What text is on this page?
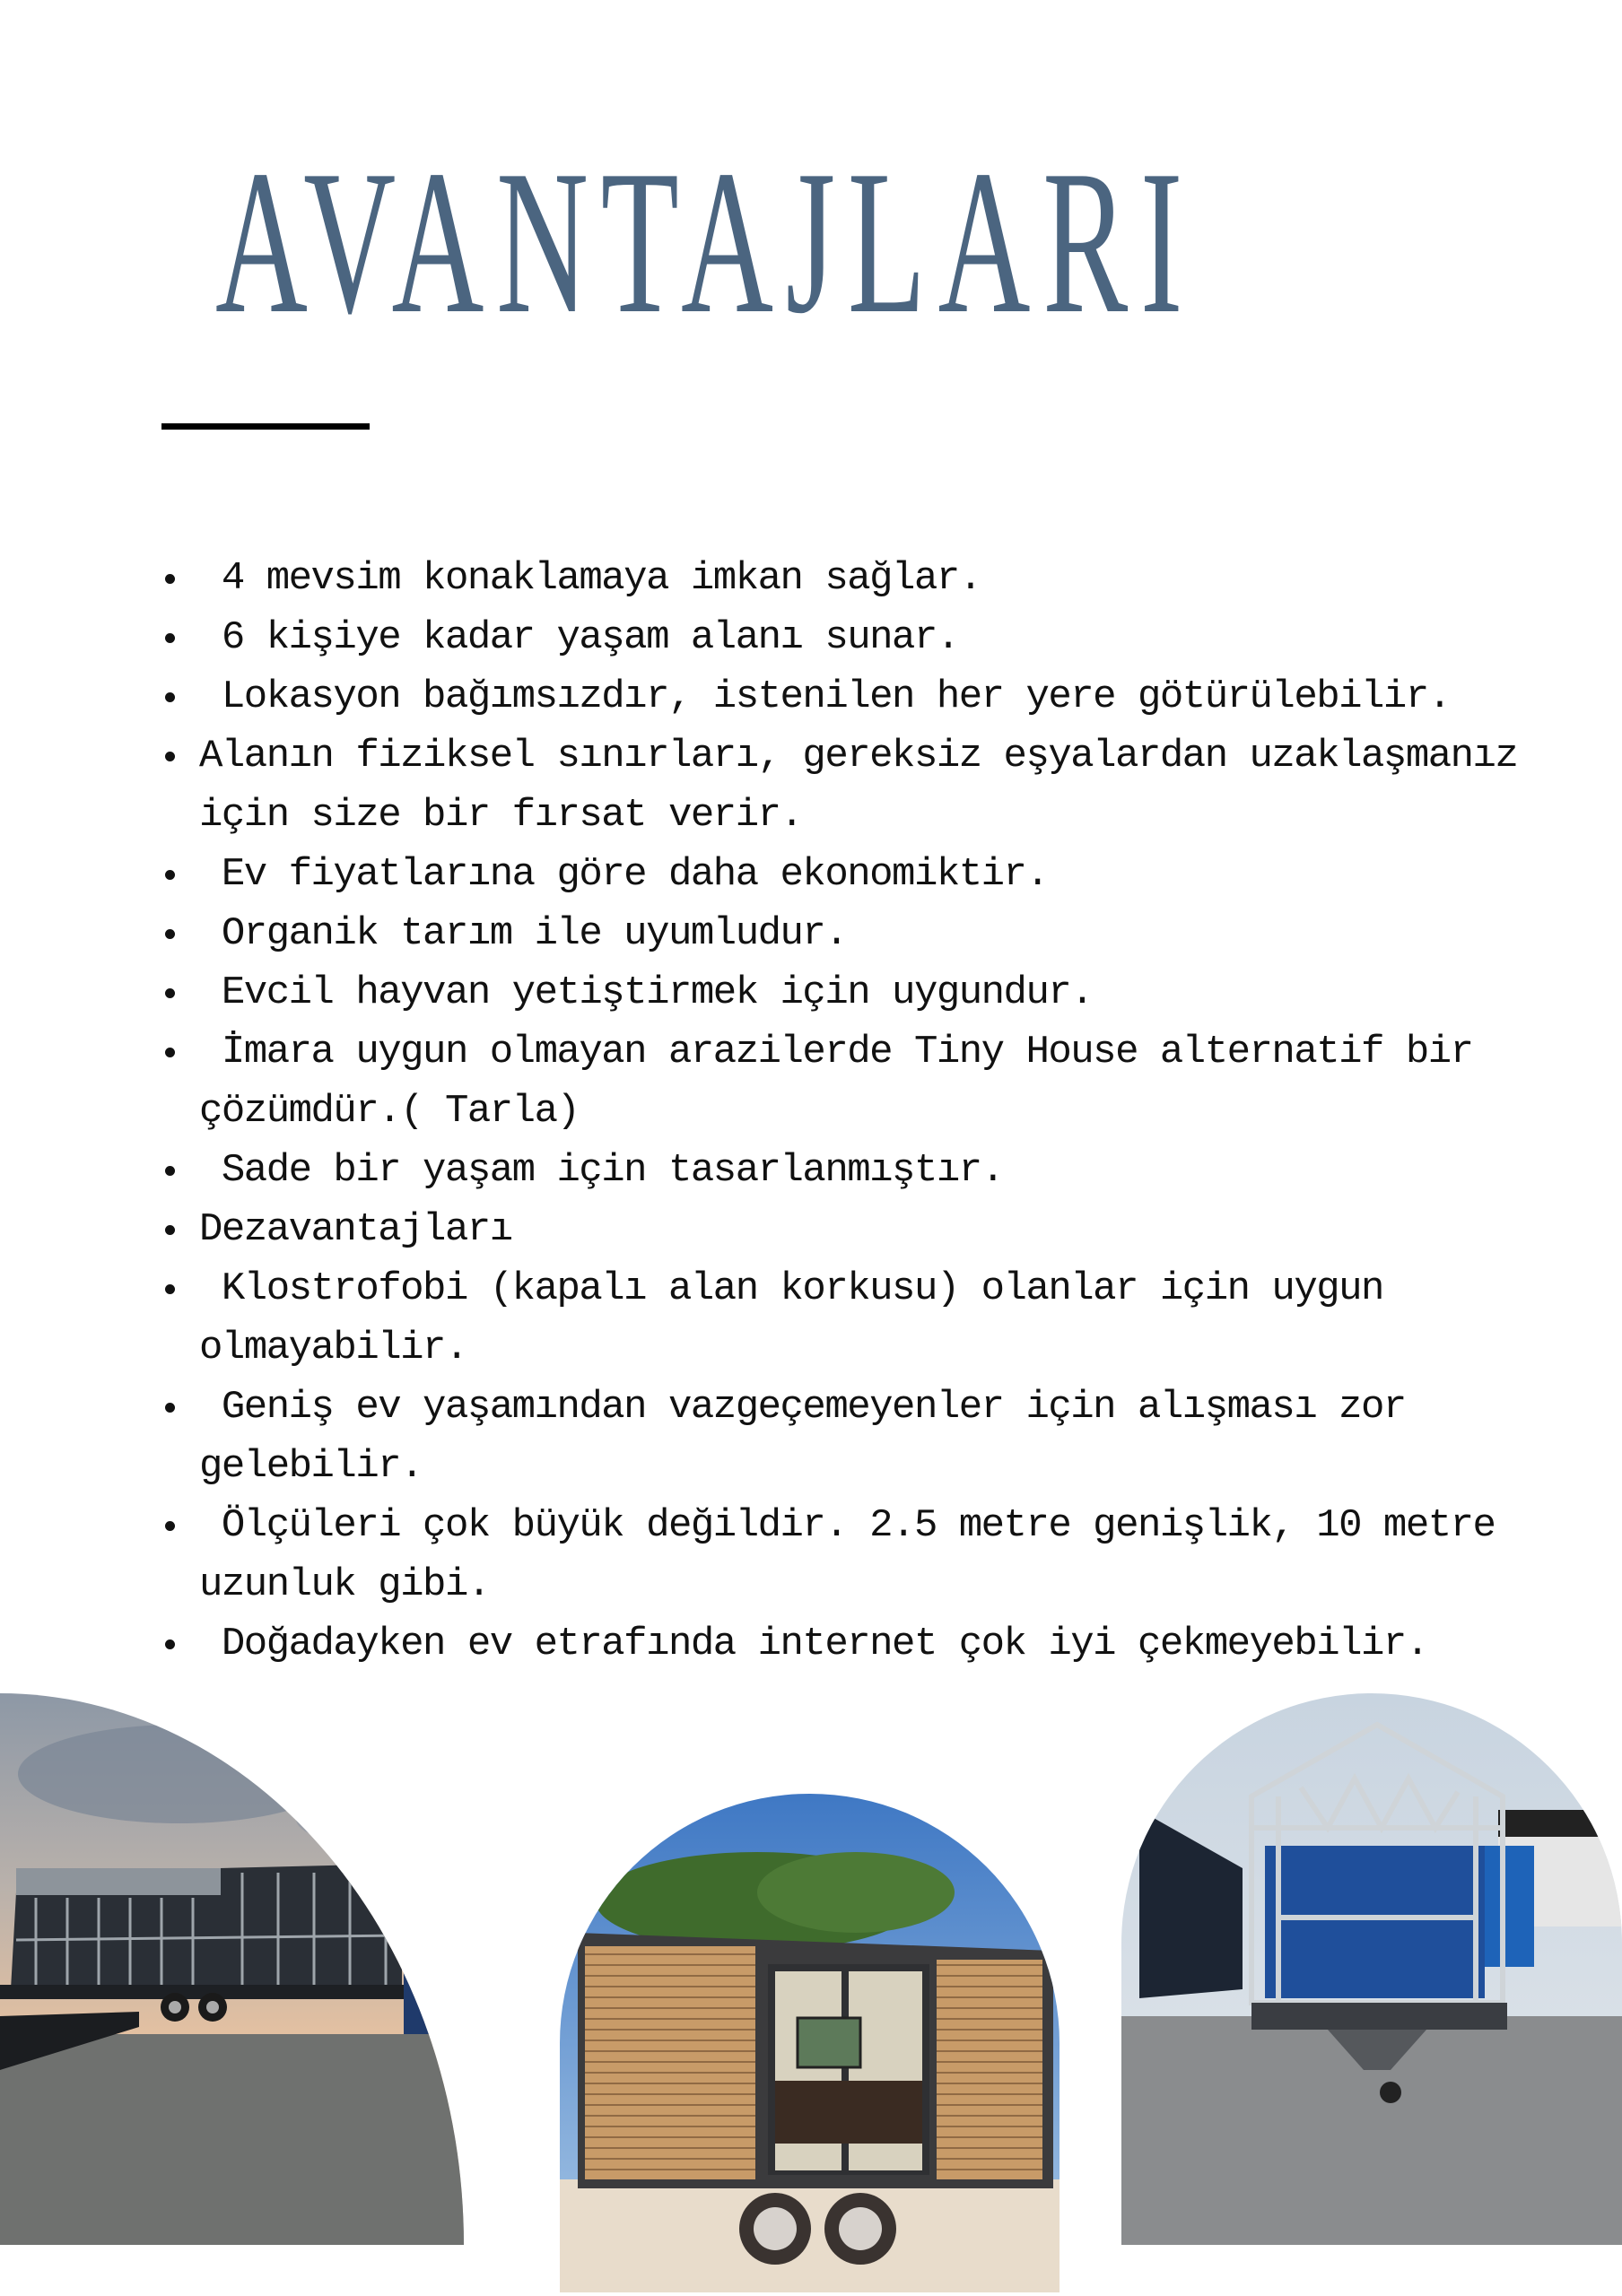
AVANTAJLARI
4 mevsim konaklamaya imkan sağlar.
6 kişiye kadar yaşam alanı sunar.
Lokasyon bağımsızdır, istenilen her yere götürülebilir.
Alanın fiziksel sınırları, gereksiz eşyalardan uzaklaşmanız için size bir fırsat verir.
Ev fiyatlarına göre daha ekonomiktir.
Organik tarım ile uyumludur.
Evcil hayvan yetiştirmek için uygundur.
İmara uygun olmayan arazilerde Tiny House alternatif bir çözümdür.( Tarla)
Sade bir yaşam için tasarlanmıştır.
Dezavantajları
Klostrofobi (kapalı alan korkusu) olanlar için uygun olmayabilir.
Geniş ev yaşamından vazgeçemeyenler için alışması zor gelebilir.
Ölçüleri çok büyük değildir. 2.5 metre genişlik, 10 metre uzunluk gibi.
Doğadayken ev etrafında internet çok iyi çekmeyebilir.
